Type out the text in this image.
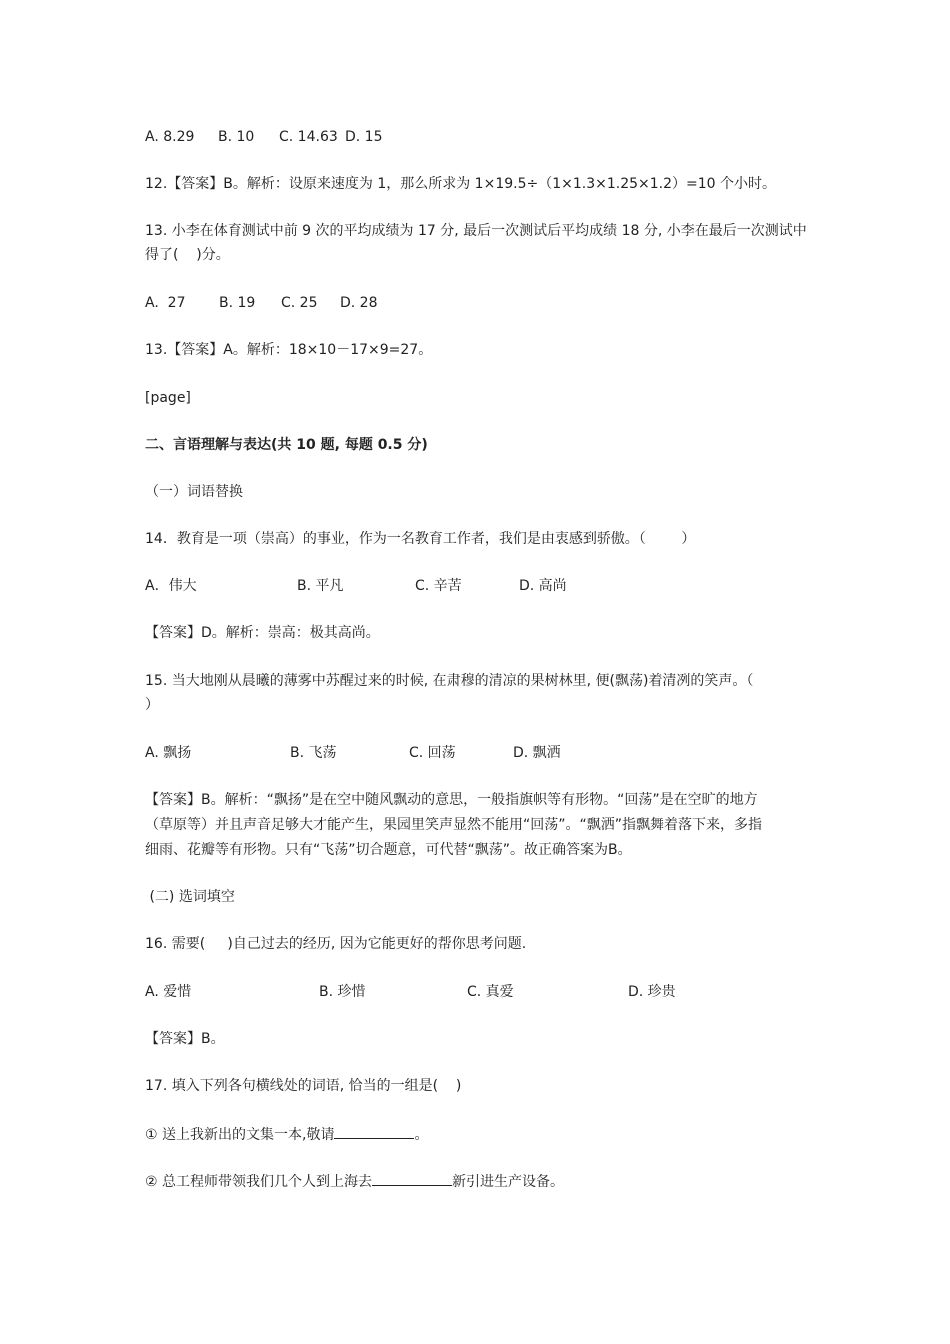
A. 8.29 B. 10 C. 14.63 D. 15
12.【答案】B。解析：设原来速度为 1，那么所求为 1×19.5÷（1×1.3×1.25×1.2）=10 个小时。
13. 小李在体育测试中前 9 次的平均成绩为 17 分, 最后一次测试后平均成绩 18 分, 小李在最后一次测试中
得了(    )分。
A.  27 B. 19 C. 25 D. 28
13.【答案】A。解析：18×10－17×9=27。
[page]
二、言语理解与表达(共 10 题, 每题 0.5 分)
（一）词语替换
14．教育是一项（崇高）的事业，作为一名教育工作者，我们是由衷感到骄傲。（        ）
A．伟大	B. 平凡	C. 辛苦	D. 高尚
【答案】D。解析：崇高：极其高尚。
15. 当大地刚从晨曦的薄雾中苏醒过来的时候, 在肃穆的清凉的果树林里, 便(飘荡)着清冽的笑声。（
）
A. 飘扬	B. 飞荡	C. 回荡	D. 飘洒
【答案】B。解析：“飘扬”是在空中随风飘动的意思，一般指旗帜等有形物。“回荡”是在空旷的地方
（草原等）并且声音足够大才能产生，果园里笑声显然不能用“回荡”。“飘洒”指飘舞着落下来，多指
细雨、花瓣等有形物。只有“飞荡”切合题意，可代替“飘荡”。故正确答案为B。
(二) 选词填空
16. 需要(     )自己过去的经历, 因为它能更好的帮你思考问题.
A. 爱惜	B. 珍惜	C. 真爱	D. 珍贵
【答案】B。
17. 填入下列各句横线处的词语, 恰当的一组是(    )
① 送上我新出的文集一本,敬请	。
② 总工程师带领我们几个人到上海去	新引进生产设备。
